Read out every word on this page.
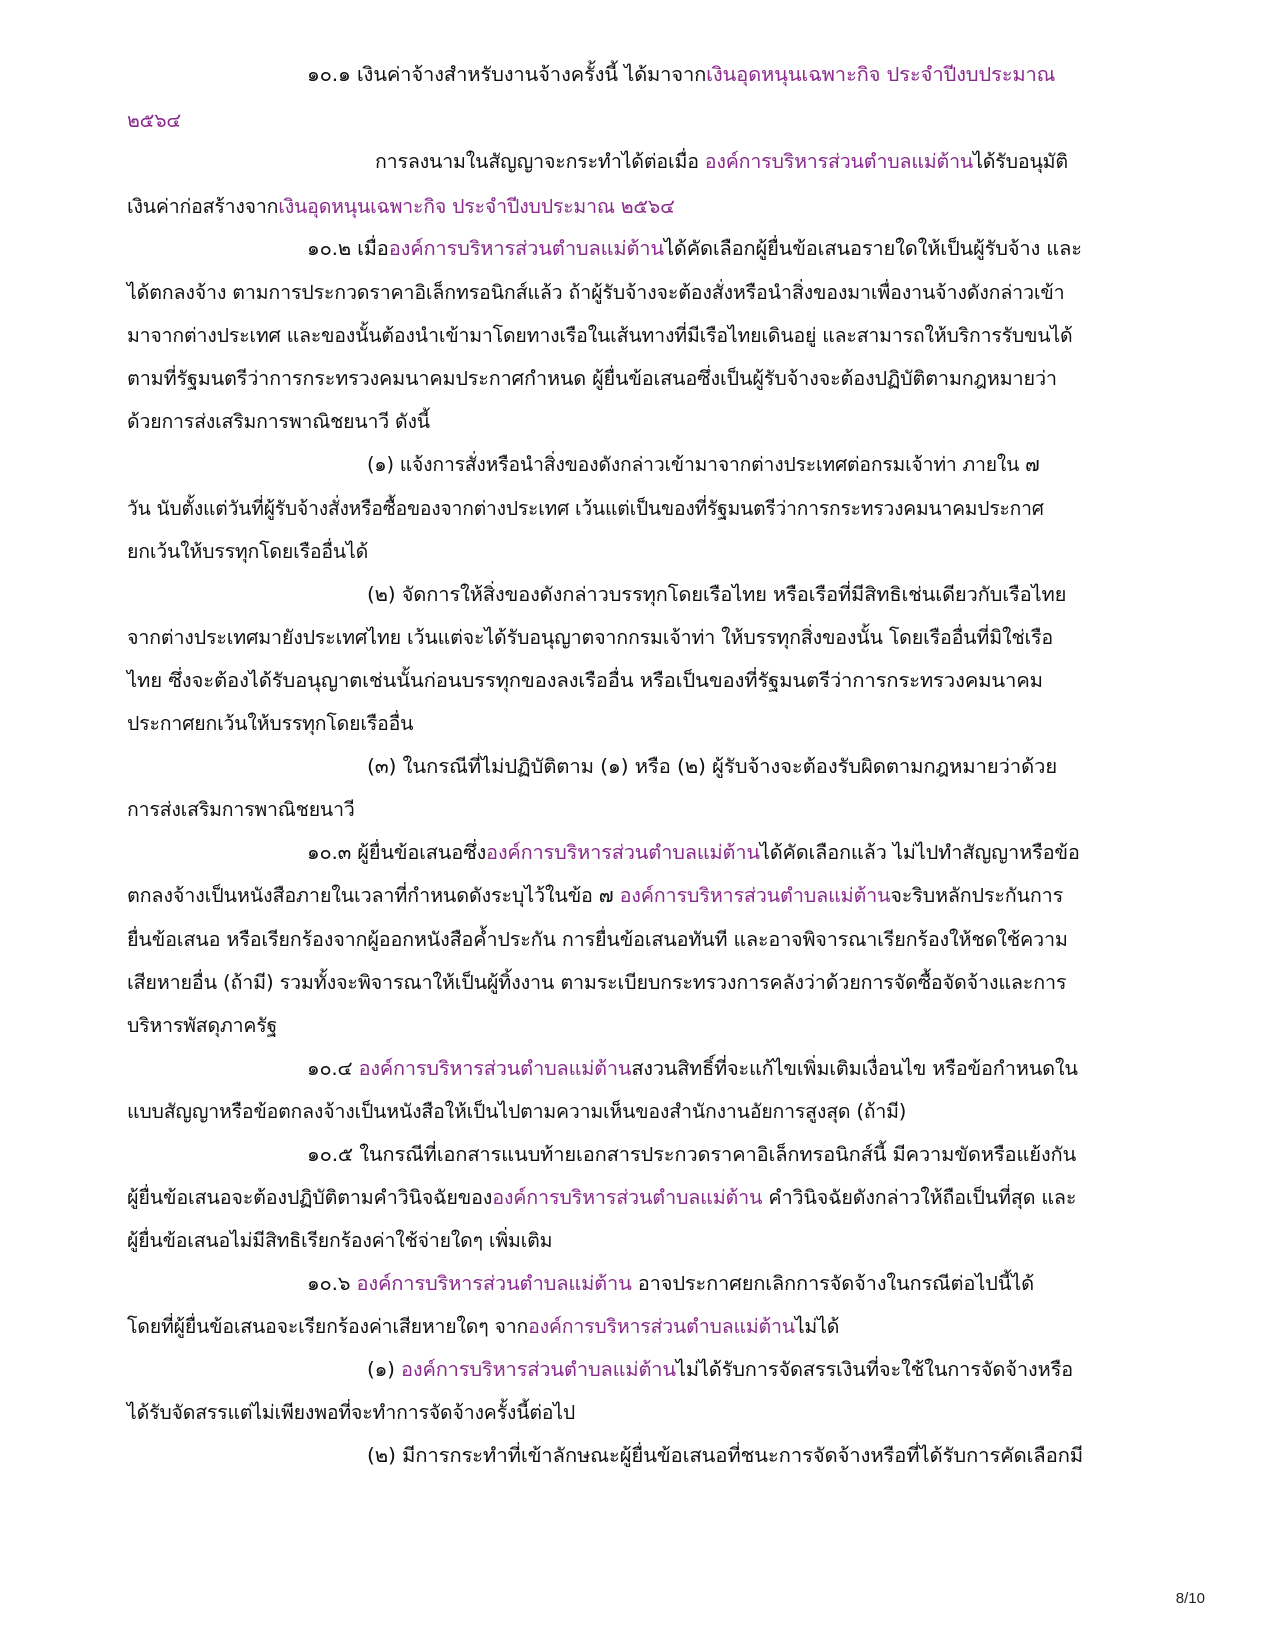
8/10
๑๐.๑ เงินค่าจ้างสำหรับงานจ้างครั้งนี้ ได้มาจากเงินอุดหนุนเฉพาะกิจ ประจำปีงบประมาณ
๒๕๖๔
การลงนามในสัญญาจะกระทำได้ต่อเมื่อ องค์การบริหารส่วนตำบลแม่ต้านได้รับอนุมัติ
เงินค่าก่อสร้างจากเงินอุดหนุนเฉพาะกิจ ประจำปีงบประมาณ ๒๕๖๔
๑๐.๒ เมื่อองค์การบริหารส่วนตำบลแม่ต้านได้คัดเลือกผู้ยื่นข้อเสนอรายใดให้เป็นผู้รับจ้าง และ
ได้ตกลงจ้าง ตามการประกวดราคาอิเล็กทรอนิกส์แล้ว ถ้าผู้รับจ้างจะต้องสั่งหรือนำสิ่งของมาเพื่องานจ้างดังกล่าวเข้า
มาจากต่างประเทศ และของนั้นต้องนำเข้ามาโดยทางเรือในเส้นทางที่มีเรือไทยเดินอยู่ และสามารถให้บริการรับขนได้
ตามที่รัฐมนตรีว่าการกระทรวงคมนาคมประกาศกำหนด ผู้ยื่นข้อเสนอซึ่งเป็นผู้รับจ้างจะต้องปฏิบัติตามกฎหมายว่า
ด้วยการส่งเสริมการพาณิชยนาวี ดังนี้
(๑) แจ้งการสั่งหรือนำสิ่งของดังกล่าวเข้ามาจากต่างประเทศต่อกรมเจ้าท่า ภายใน ๗
วัน นับตั้งแต่วันที่ผู้รับจ้างสั่งหรือซื้อของจากต่างประเทศ เว้นแต่เป็นของที่รัฐมนตรีว่าการกระทรวงคมนาคมประกาศ
ยกเว้นให้บรรทุกโดยเรืออื่นได้
(๒) จัดการให้สิ่งของดังกล่าวบรรทุกโดยเรือไทย หรือเรือที่มีสิทธิเช่นเดียวกับเรือไทย
จากต่างประเทศมายังประเทศไทย เว้นแต่จะได้รับอนุญาตจากกรมเจ้าท่า ให้บรรทุกสิ่งของนั้น โดยเรืออื่นที่มิใช่เรือ
ไทย ซึ่งจะต้องได้รับอนุญาตเช่นนั้นก่อนบรรทุกของลงเรืออื่น หรือเป็นของที่รัฐมนตรีว่าการกระทรวงคมนาคม
ประกาศยกเว้นให้บรรทุกโดยเรืออื่น
(๓) ในกรณีที่ไม่ปฏิบัติตาม (๑) หรือ (๒) ผู้รับจ้างจะต้องรับผิดตามกฎหมายว่าด้วย
การส่งเสริมการพาณิชยนาวี
๑๐.๓ ผู้ยื่นข้อเสนอซึ่งองค์การบริหารส่วนตำบลแม่ต้านได้คัดเลือกแล้ว ไม่ไปทำสัญญาหรือข้อ
ตกลงจ้างเป็นหนังสือภายในเวลาที่กำหนดดังระบุไว้ในข้อ ๗ องค์การบริหารส่วนตำบลแม่ต้านจะริบหลักประกันการ
ยื่นข้อเสนอ หรือเรียกร้องจากผู้ออกหนังสือค้ำประกัน การยื่นข้อเสนอทันที และอาจพิจารณาเรียกร้องให้ชดใช้ความ
เสียหายอื่น (ถ้ามี) รวมทั้งจะพิจารณาให้เป็นผู้ทิ้งงาน ตามระเบียบกระทรวงการคลังว่าด้วยการจัดซื้อจัดจ้างและการ
บริหารพัสดุภาครัฐ
๑๐.๔ องค์การบริหารส่วนตำบลแม่ต้านสงวนสิทธิ์ที่จะแก้ไขเพิ่มเติมเงื่อนไข หรือข้อกำหนดใน
แบบสัญญาหรือข้อตกลงจ้างเป็นหนังสือให้เป็นไปตามความเห็นของสำนักงานอัยการสูงสุด (ถ้ามี)
๑๐.๕ ในกรณีที่เอกสารแนบท้ายเอกสารประกวดราคาอิเล็กทรอนิกส์นี้ มีความขัดหรือแย้งกัน
ผู้ยื่นข้อเสนอจะต้องปฏิบัติตามคำวินิจฉัยขององค์การบริหารส่วนตำบลแม่ต้าน คำวินิจฉัยดังกล่าวให้ถือเป็นที่สุด และ
ผู้ยื่นข้อเสนอไม่มีสิทธิเรียกร้องค่าใช้จ่ายใดๆ เพิ่มเติม
๑๐.๖ องค์การบริหารส่วนตำบลแม่ต้าน อาจประกาศยกเลิกการจัดจ้างในกรณีต่อไปนี้ได้
โดยที่ผู้ยื่นข้อเสนอจะเรียกร้องค่าเสียหายใดๆ จากองค์การบริหารส่วนตำบลแม่ต้านไม่ได้
(๑) องค์การบริหารส่วนตำบลแม่ต้านไม่ได้รับการจัดสรรเงินที่จะใช้ในการจัดจ้างหรือ
ได้รับจัดสรรแต่ไม่เพียงพอที่จะทำการจัดจ้างครั้งนี้ต่อไป
(๒) มีการกระทำที่เข้าลักษณะผู้ยื่นข้อเสนอที่ชนะการจัดจ้างหรือที่ได้รับการคัดเลือกมี
